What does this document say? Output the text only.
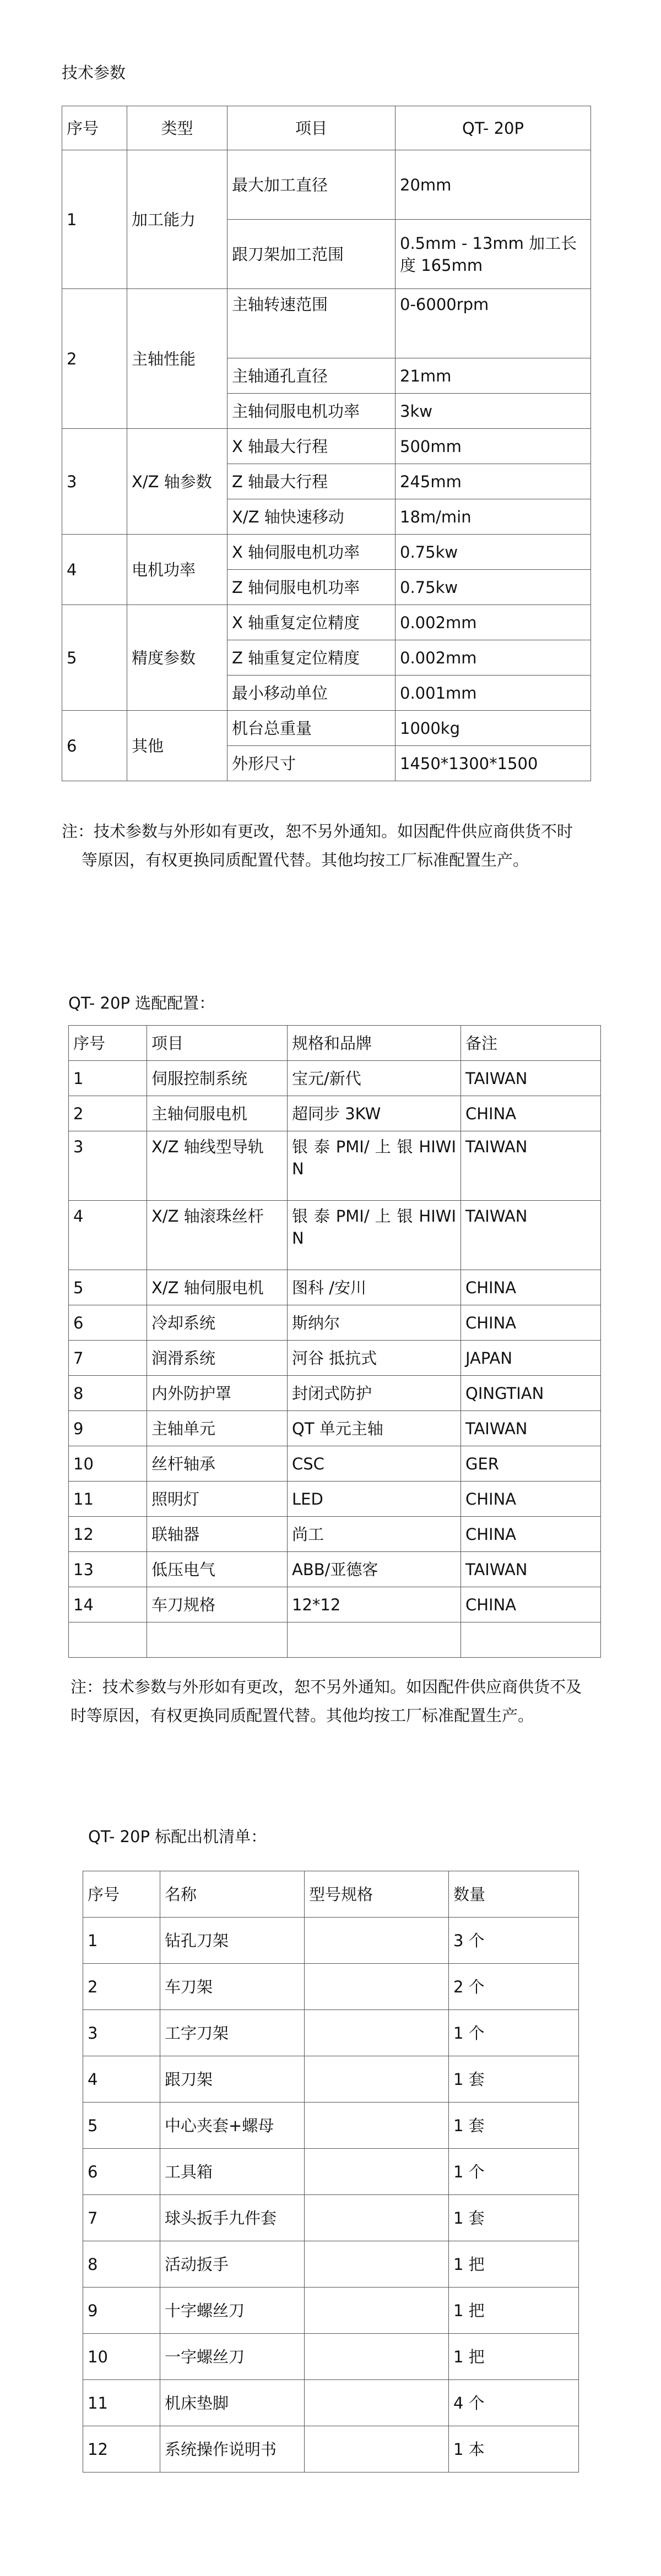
技术参数
序号	类型	项目	QT- 20P
1	加工能力	最大加工直径	20mm
		跟刀架加工范围	0.5mm - 13mm 加工长度 165mm
2	主轴性能	主轴转速范围	0-6000rpm
		主轴通孔直径	21mm
		主轴伺服电机功率	3kw
3	X/Z 轴参数	X 轴最大行程	500mm
		Z 轴最大行程	245mm
		X/Z 轴快速移动	18m/min
4	电机功率	X 轴伺服电机功率	0.75kw
		Z 轴伺服电机功率	0.75kw
5	精度参数	X 轴重复定位精度	0.002mm
		Z 轴重复定位精度	0.002mm
		最小移动单位	0.001mm
6	其他	机台总重量	1000kg
		外形尺寸	1450*1300*1500

注：技术参数与外形如有更改，恕不另外通知。如因配件供应商供货不时
等原因，有权更换同质配置代替。其他均按工厂标准配置生产。

QT- 20P 选配配置：
序号	项目	规格和品牌	备注
1	伺服控制系统	宝元/新代	TAIWAN
2	主轴伺服电机	超同步 3KW	CHINA
3	X/Z 轴线型导轨	银 泰 PMI/ 上 银 HIWIN	TAIWAN
4	X/Z 轴滚珠丝杆	银 泰 PMI/ 上 银 HIWIN	TAIWAN
5	X/Z 轴伺服电机	图科 /安川	CHINA
6	冷却系统	斯纳尔	CHINA
7	润滑系统	河谷 抵抗式	JAPAN
8	内外防护罩	封闭式防护	QINGTIAN
9	主轴单元	QT 单元主轴	TAIWAN
10	丝杆轴承	CSC	GER
11	照明灯	LED	CHINA
12	联轴器	尚工	CHINA
13	低压电气	ABB/亚德客	TAIWAN
14	车刀规格	12*12	CHINA

注：技术参数与外形如有更改，恕不另外通知。如因配件供应商供货不及
时等原因，有权更换同质配置代替。其他均按工厂标准配置生产。

QT- 20P 标配出机清单：
序号	名称	型号规格	数量
1	钻孔刀架		3 个
2	车刀架		2 个
3	工字刀架		1 个
4	跟刀架		1 套
5	中心夹套+螺母		1 套
6	工具箱		1 个
7	球头扳手九件套		1 套
8	活动扳手		1 把
9	十字螺丝刀		1 把
10	一字螺丝刀		1 把
11	机床垫脚		4 个
12	系统操作说明书		1 本
